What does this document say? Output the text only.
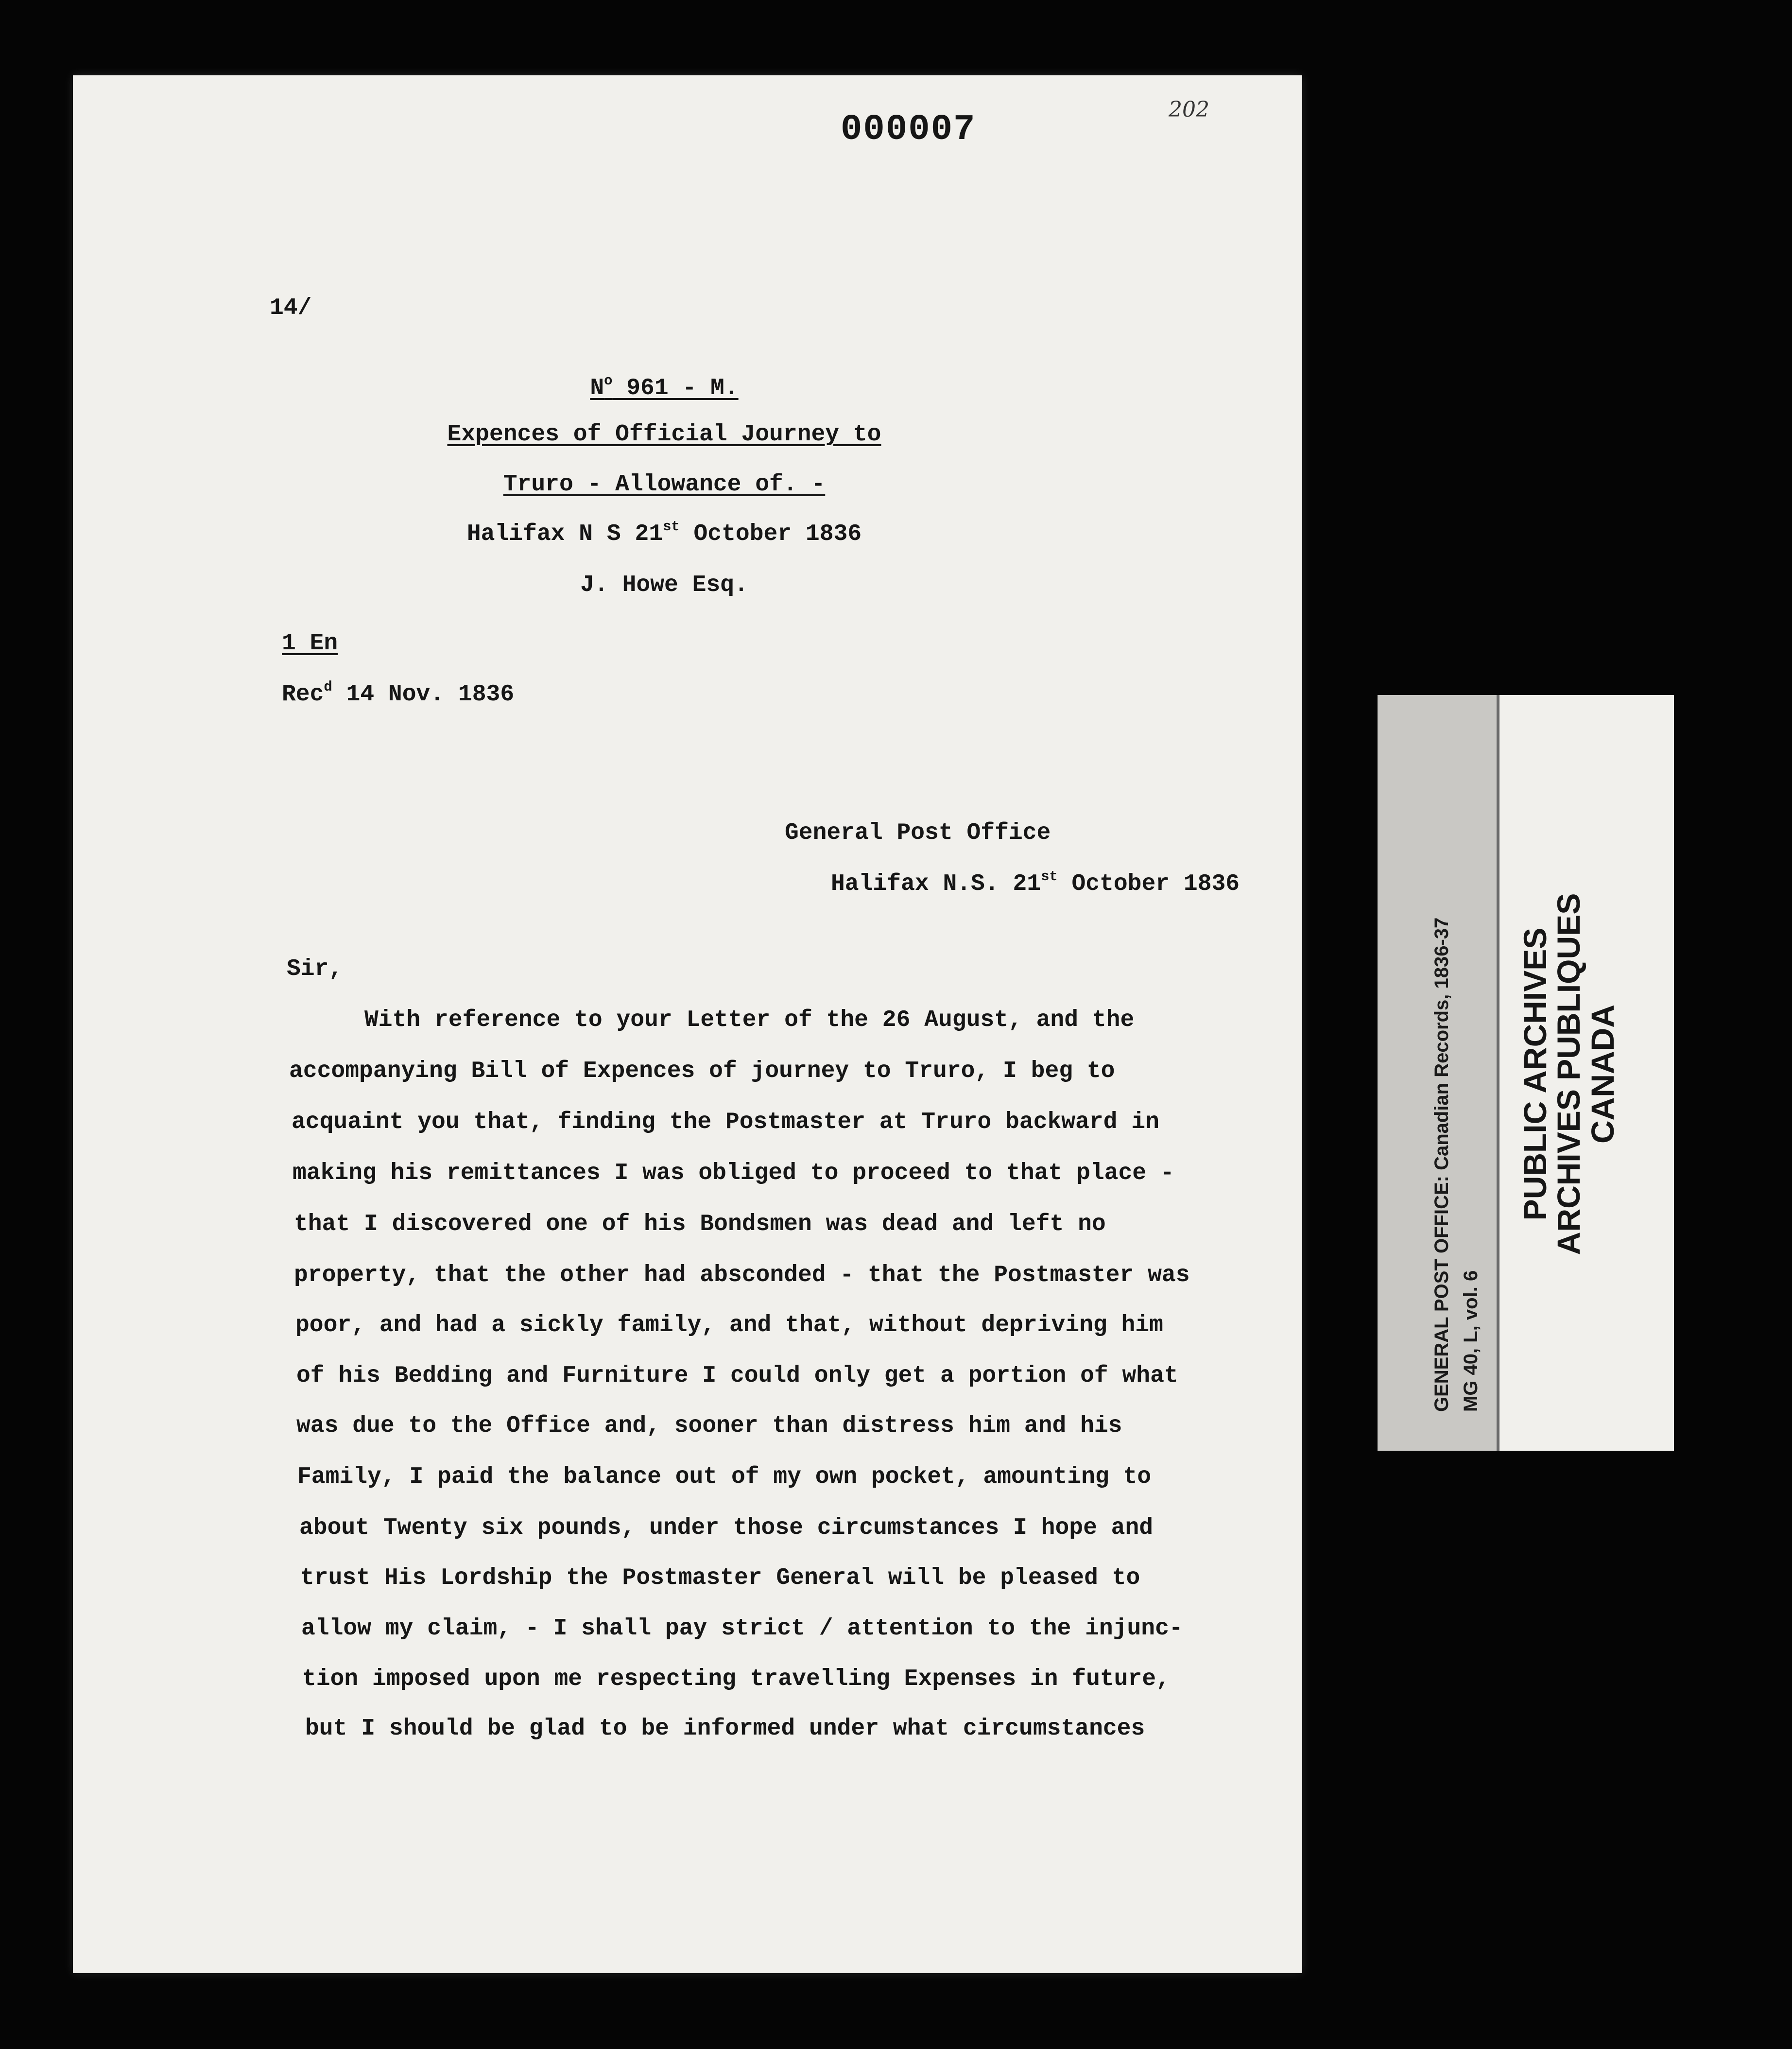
000007	202
14/
$N^o$ 961 - M.
Expences of Official Journey to
Truro - Allowance of. -
Halifax N S 21st October 1836
J. Howe Esq.
1 En
Rec$^d$ 14 Nov. 1836
General Post Office
Halifax N.S. 21st October 1836
Sir,
With reference to your Letter of the 26 August, and the
accompanying Bill of Expences of journey to Truro, I beg to
acquaint you that, finding the Postmaster at Truro backward in
making his remittances I was obliged to proceed to that place -
that I discovered one of his Bondsmen was dead and left no
property, that the other had absconded - that the Postmaster was
poor, and had a sickly family, and that, without depriving him
of his Bedding and Furniture I could only get a portion of what
was due to the Office and, sooner than distress him and his
Family, I paid the balance out of my own pocket, amounting to
about Twenty six pounds, under those circumstances I hope and
trust His Lordship the Postmaster General will be pleased to
allow my claim, - I shall pay strict / attention to the injunc-
tion imposed upon me respecting travelling Expenses in future,
but I should be glad to be informed under what circumstances
GENERAL POST OFFICE: Canadian Records, 1836-37 MG 40, L, vol. 6
PUBLIC ARCHIVES
ARCHIVES PUBLIQUES
CANADA
